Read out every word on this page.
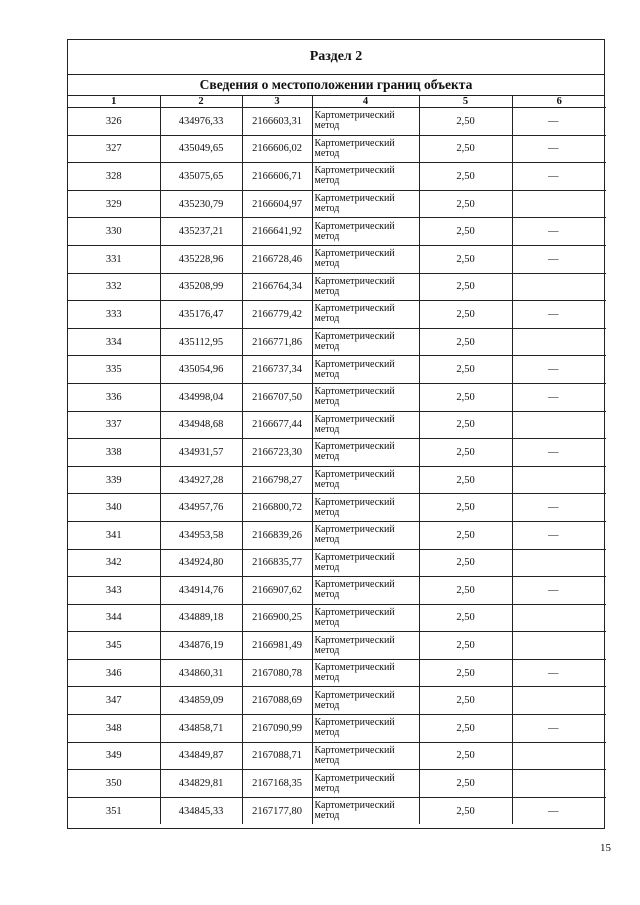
Раздел 2
Сведения о местоположении границ объекта
1	2	3	4	5	6
326	434976,33	2166603,31	Картометрический метод	2,50	—
327	435049,65	2166606,02	Картометрический метод	2,50	—
328	435075,65	2166606,71	Картометрический метод	2,50	—
329	435230,79	2166604,97	Картометрический метод	2,50	
330	435237,21	2166641,92	Картометрический метод	2,50	—
331	435228,96	2166728,46	Картометрический метод	2,50	—
332	435208,99	2166764,34	Картометрический метод	2,50	
333	435176,47	2166779,42	Картометрический метод	2,50	—
334	435112,95	2166771,86	Картометрический метод	2,50	
335	435054,96	2166737,34	Картометрический метод	2,50	—
336	434998,04	2166707,50	Картометрический метод	2,50	—
337	434948,68	2166677,44	Картометрический метод	2,50	
338	434931,57	2166723,30	Картометрический метод	2,50	—
339	434927,28	2166798,27	Картометрический метод	2,50	
340	434957,76	2166800,72	Картометрический метод	2,50	—
341	434953,58	2166839,26	Картометрический метод	2,50	—
342	434924,80	2166835,77	Картометрический метод	2,50	
343	434914,76	2166907,62	Картометрический метод	2,50	—
344	434889,18	2166900,25	Картометрический метод	2,50	
345	434876,19	2166981,49	Картометрический метод	2,50	
346	434860,31	2167080,78	Картометрический метод	2,50	—
347	434859,09	2167088,69	Картометрический метод	2,50	
348	434858,71	2167090,99	Картометрический метод	2,50	—
349	434849,87	2167088,71	Картометрический метод	2,50	
350	434829,81	2167168,35	Картометрический метод	2,50	
351	434845,33	2167177,80	Картометрический метод	2,50	—
15
